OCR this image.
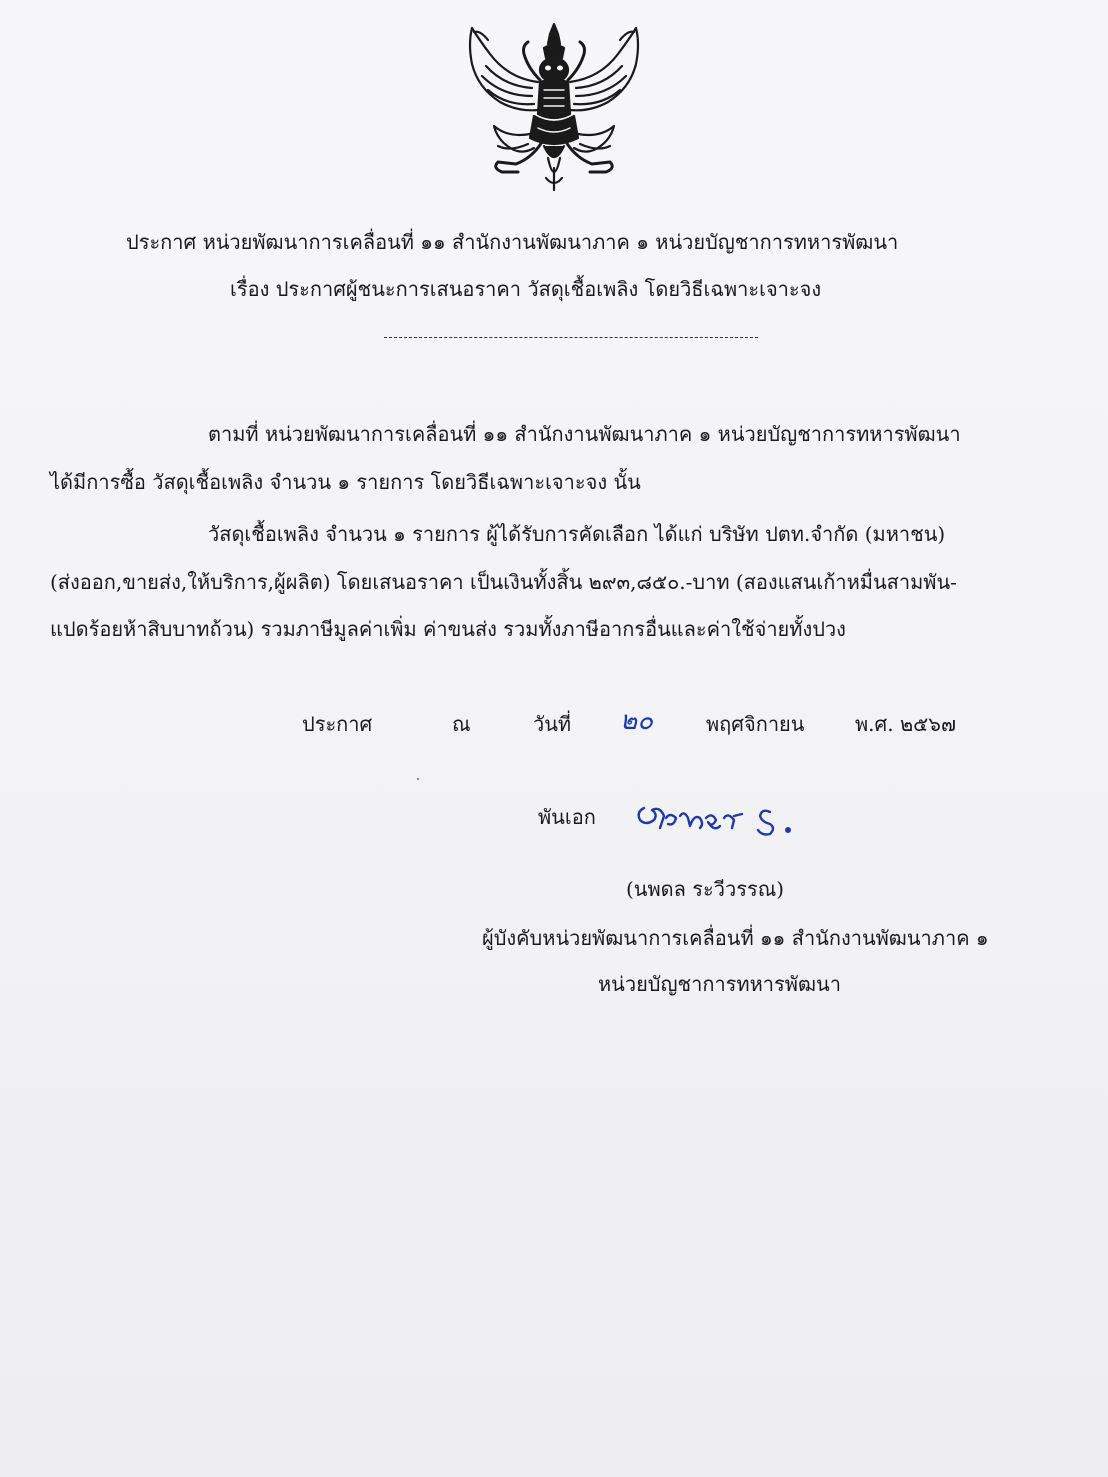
ประกาศ หน่วยพัฒนาการเคลื่อนที่ ๑๑ สำนักงานพัฒนาภาค ๑ หน่วยบัญชาการทหารพัฒนา
เรื่อง ประกาศผู้ชนะการเสนอราคา วัสดุเชื้อเพลิง โดยวิธีเฉพาะเจาะจง
ตามที่ หน่วยพัฒนาการเคลื่อนที่ ๑๑ สำนักงานพัฒนาภาค ๑ หน่วยบัญชาการทหารพัฒนา
ได้มีการซื้อ วัสดุเชื้อเพลิง จำนวน ๑ รายการ โดยวิธีเฉพาะเจาะจง นั้น
วัสดุเชื้อเพลิง จำนวน ๑ รายการ ผู้ได้รับการคัดเลือก ได้แก่ บริษัท ปตท.จำกัด (มหาชน)
(ส่งออก,ขายส่ง,ให้บริการ,ผู้ผลิต) โดยเสนอราคา เป็นเงินทั้งสิ้น ๒๙๓,๘๕๐.-บาท (สองแสนเก้าหมื่นสามพัน-
แปดร้อยห้าสิบบาทถ้วน) รวมภาษีมูลค่าเพิ่ม ค่าขนส่ง รวมทั้งภาษีอากรอื่นและค่าใช้จ่ายทั้งปวง
ประกาศ	ณ	วันที่ ๒๐	พฤศจิกายน	พ.ศ. ๒๕๖๗
พันเอก
(นพดล ระวีวรรณ)
ผู้บังคับหน่วยพัฒนาการเคลื่อนที่ ๑๑ สำนักงานพัฒนาภาค ๑
หน่วยบัญชาการทหารพัฒนา
